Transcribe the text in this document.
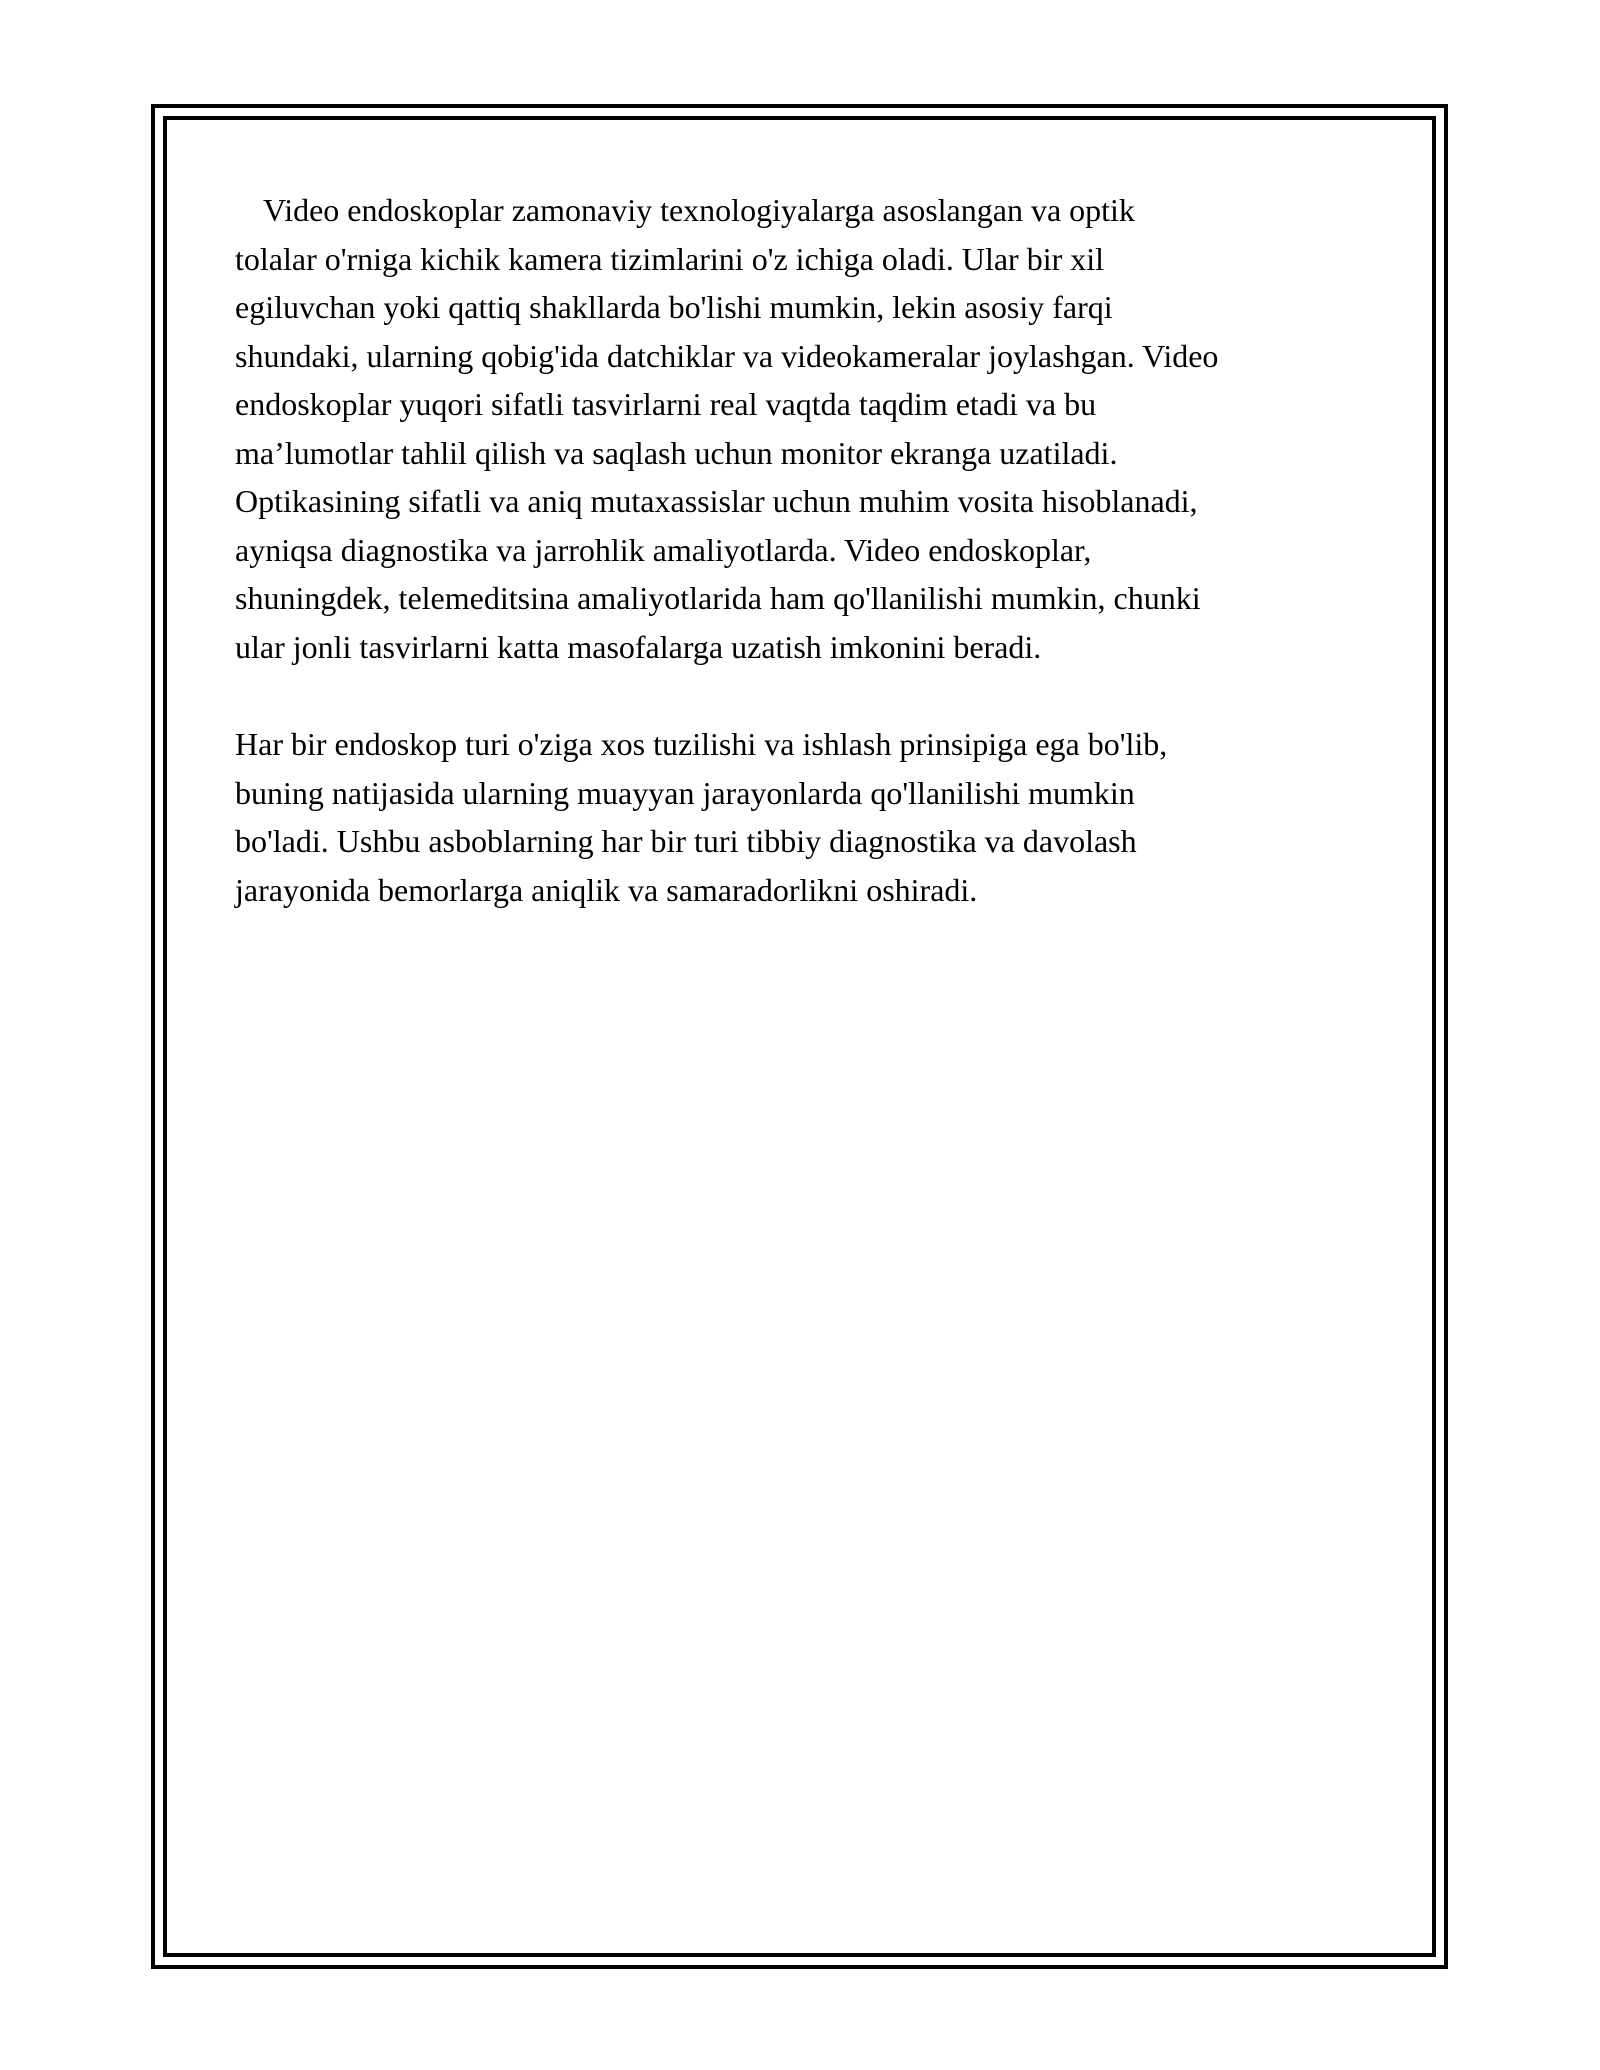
Video endoskoplar zamonaviy texnologiyalarga asoslangan va optik
tolalar o'rniga kichik kamera tizimlarini o'z ichiga oladi. Ular bir xil
egiluvchan yoki qattiq shakllarda bo'lishi mumkin, lekin asosiy farqi
shundaki, ularning qobig'ida datchiklar va videokameralar joylashgan. Video
endoskoplar yuqori sifatli tasvirlarni real vaqtda taqdim etadi va bu
ma’lumotlar tahlil qilish va saqlash uchun monitor ekranga uzatiladi.
Optikasining sifatli va aniq mutaxassislar uchun muhim vosita hisoblanadi,
ayniqsa diagnostika va jarrohlik amaliyotlarda. Video endoskoplar,
shuningdek, telemeditsina amaliyotlarida ham qo'llanilishi mumkin, chunki
ular jonli tasvirlarni katta masofalarga uzatish imkonini beradi.
Har bir endoskop turi o'ziga xos tuzilishi va ishlash prinsipiga ega bo'lib,
buning natijasida ularning muayyan jarayonlarda qo'llanilishi mumkin
bo'ladi. Ushbu asboblarning har bir turi tibbiy diagnostika va davolash
jarayonida bemorlarga aniqlik va samaradorlikni oshiradi.
